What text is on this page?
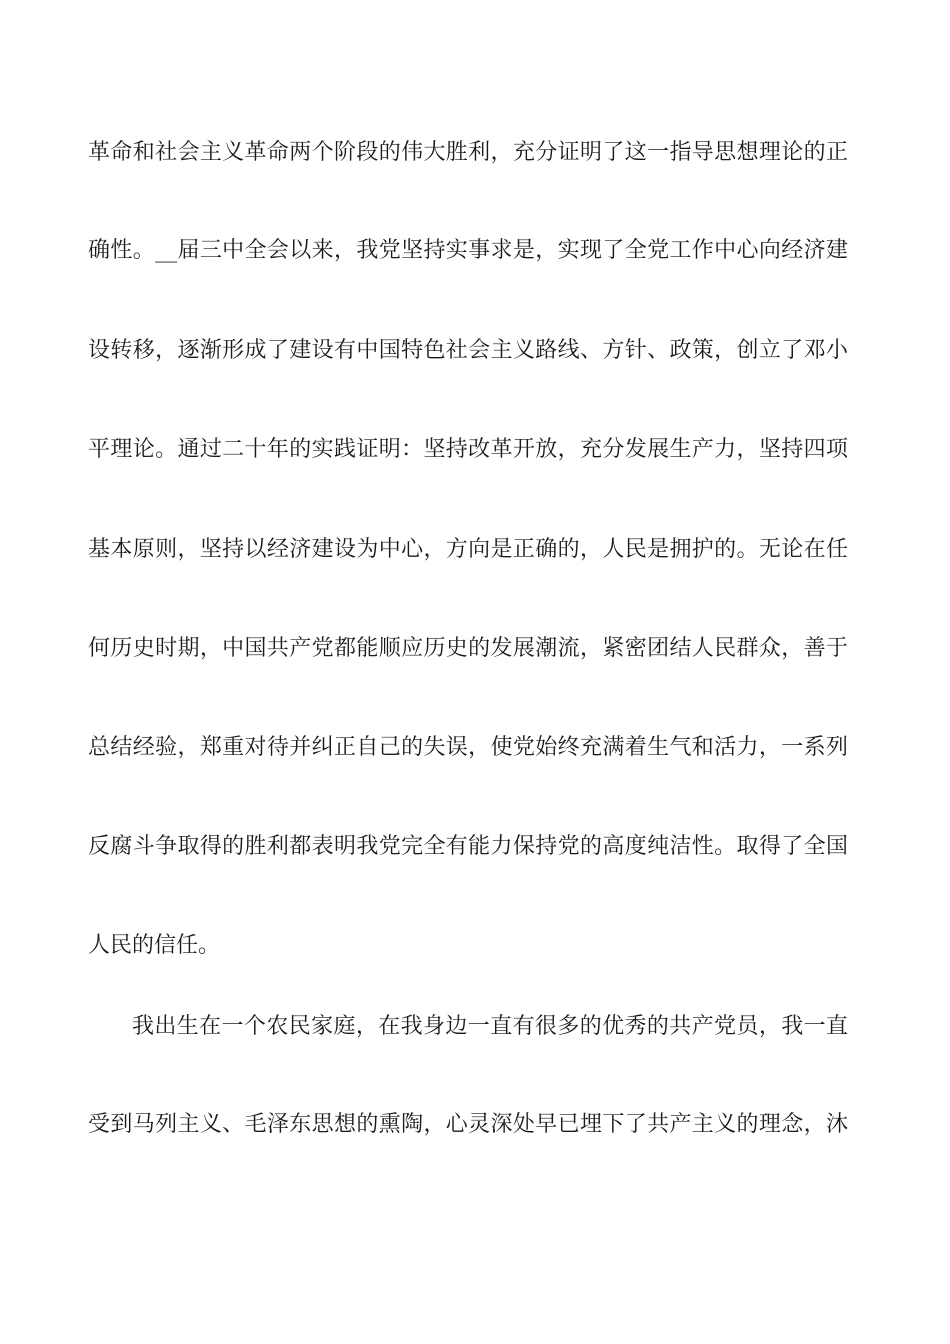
革命和社会主义革命两个阶段的伟大胜利，充分证明了这一指导思想理论的正
确性。__届三中全会以来，我党坚持实事求是，实现了全党工作中心向经济建
设转移，逐渐形成了建设有中国特色社会主义路线、方针、政策，创立了邓小
平理论。通过二十年的实践证明：坚持改革开放，充分发展生产力，坚持四项
基本原则，坚持以经济建设为中心，方向是正确的，人民是拥护的。无论在任
何历史时期，中国共产党都能顺应历史的发展潮流，紧密团结人民群众，善于
总结经验，郑重对待并纠正自己的失误，使党始终充满着生气和活力，一系列
反腐斗争取得的胜利都表明我党完全有能力保持党的高度纯洁性。取得了全国
人民的信任。
我出生在一个农民家庭，在我身边一直有很多的优秀的共产党员，我一直
受到马列主义、毛泽东思想的熏陶，心灵深处早已埋下了共产主义的理念，沐
